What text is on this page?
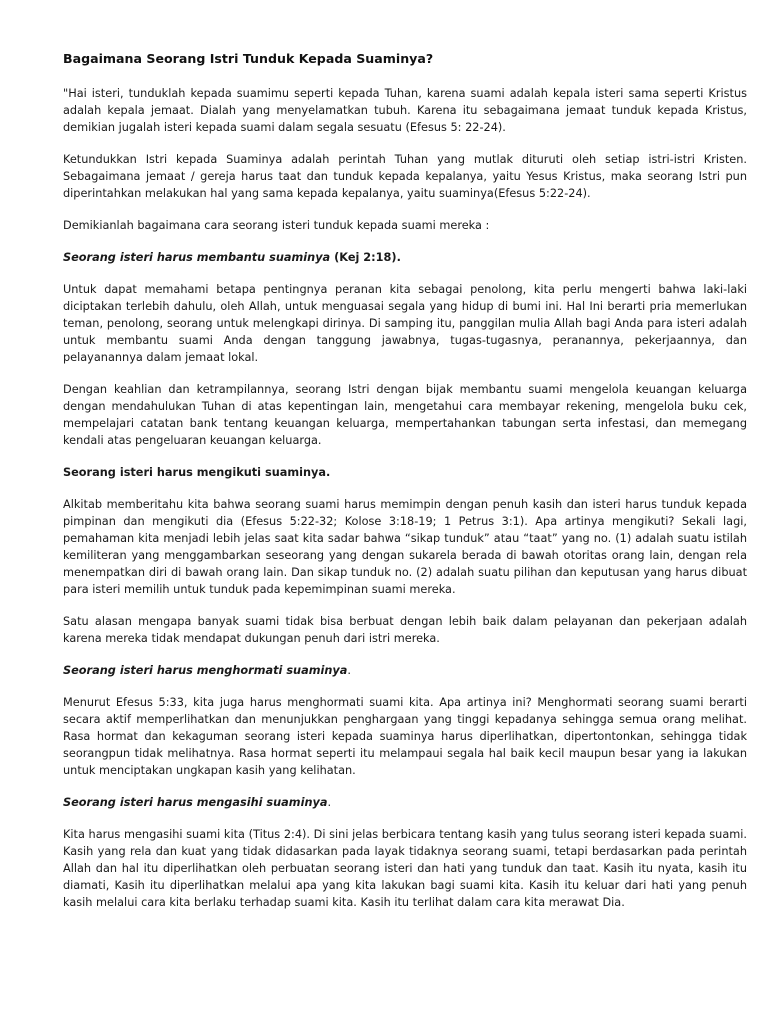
Bagaimana Seorang Istri Tunduk Kepada Suaminya?

"Hai isteri, tunduklah kepada suamimu seperti kepada Tuhan, karena suami adalah kepala isteri sama seperti Kristus adalah kepala jemaat. Dialah yang menyelamatkan tubuh. Karena itu sebagaimana jemaat tunduk kepada Kristus, demikian jugalah isteri kepada suami dalam segala sesuatu (Efesus 5: 22-24).

Ketundukkan Istri kepada Suaminya adalah perintah Tuhan yang mutlak dituruti oleh setiap istri-istri Kristen. Sebagaimana jemaat / gereja harus taat dan tunduk kepada kepalanya, yaitu Yesus Kristus, maka seorang Istri pun diperintahkan melakukan hal yang sama kepada kepalanya, yaitu suaminya(Efesus 5:22-24).

Demikianlah bagaimana cara seorang isteri tunduk kepada suami mereka :

Seorang isteri harus membantu suaminya (Kej 2:18).

Untuk dapat memahami betapa pentingnya peranan kita sebagai penolong, kita perlu mengerti bahwa laki-laki diciptakan terlebih dahulu, oleh Allah, untuk menguasai segala yang hidup di bumi ini. Hal Ini berarti pria memerlukan teman, penolong, seorang untuk melengkapi dirinya. Di samping itu, panggilan mulia Allah bagi Anda para isteri adalah untuk membantu suami Anda dengan tanggung jawabnya, tugas-tugasnya, peranannya, pekerjaannya, dan pelayanannya dalam jemaat lokal.

Dengan keahlian dan ketrampilannya, seorang Istri dengan bijak membantu suami mengelola keuangan keluarga dengan mendahulukan Tuhan di atas kepentingan lain, mengetahui cara membayar rekening, mengelola buku cek, mempelajari catatan bank tentang keuangan keluarga, mempertahankan tabungan serta infestasi, dan memegang kendali atas pengeluaran keuangan keluarga.

Seorang isteri harus mengikuti suaminya.

Alkitab memberitahu kita bahwa seorang suami harus memimpin dengan penuh kasih dan isteri harus tunduk kepada pimpinan dan mengikuti dia (Efesus 5:22-32; Kolose 3:18-19; 1 Petrus 3:1). Apa artinya mengikuti? Sekali lagi, pemahaman kita menjadi lebih jelas saat kita sadar bahwa “sikap tunduk” atau “taat” yang no. (1) adalah suatu istilah kemiliteran yang menggambarkan seseorang yang dengan sukarela berada di bawah otoritas orang lain, dengan rela menempatkan diri di bawah orang lain. Dan sikap tunduk no. (2) adalah suatu pilihan dan keputusan yang harus dibuat para isteri memilih untuk tunduk pada kepemimpinan suami mereka.

Satu alasan mengapa banyak suami tidak bisa berbuat dengan lebih baik dalam pelayanan dan pekerjaan adalah karena mereka tidak mendapat dukungan penuh dari istri mereka.

Seorang isteri harus menghormati suaminya.

Menurut Efesus 5:33, kita juga harus menghormati suami kita. Apa artinya ini? Menghormati seorang suami berarti secara aktif memperlihatkan dan menunjukkan penghargaan yang tinggi kepadanya sehingga semua orang melihat. Rasa hormat dan kekaguman seorang isteri kepada suaminya harus diperlihatkan, dipertontonkan, sehingga tidak seorangpun tidak melihatnya. Rasa hormat seperti itu melampaui segala hal baik kecil maupun besar yang ia lakukan untuk menciptakan ungkapan kasih yang kelihatan.

Seorang isteri harus mengasihi suaminya.

Kita harus mengasihi suami kita (Titus 2:4). Di sini jelas berbicara tentang kasih yang tulus seorang isteri kepada suami. Kasih yang rela dan kuat yang tidak didasarkan pada layak tidaknya seorang suami, tetapi berdasarkan pada perintah Allah dan hal itu diperlihatkan oleh perbuatan seorang isteri dan hati yang tunduk dan taat. Kasih itu nyata, kasih itu diamati, Kasih itu diperlihatkan melalui apa yang kita lakukan bagi suami kita. Kasih itu keluar dari hati yang penuh kasih melalui cara kita berlaku terhadap suami kita. Kasih itu terlihat dalam cara kita merawat Dia.
